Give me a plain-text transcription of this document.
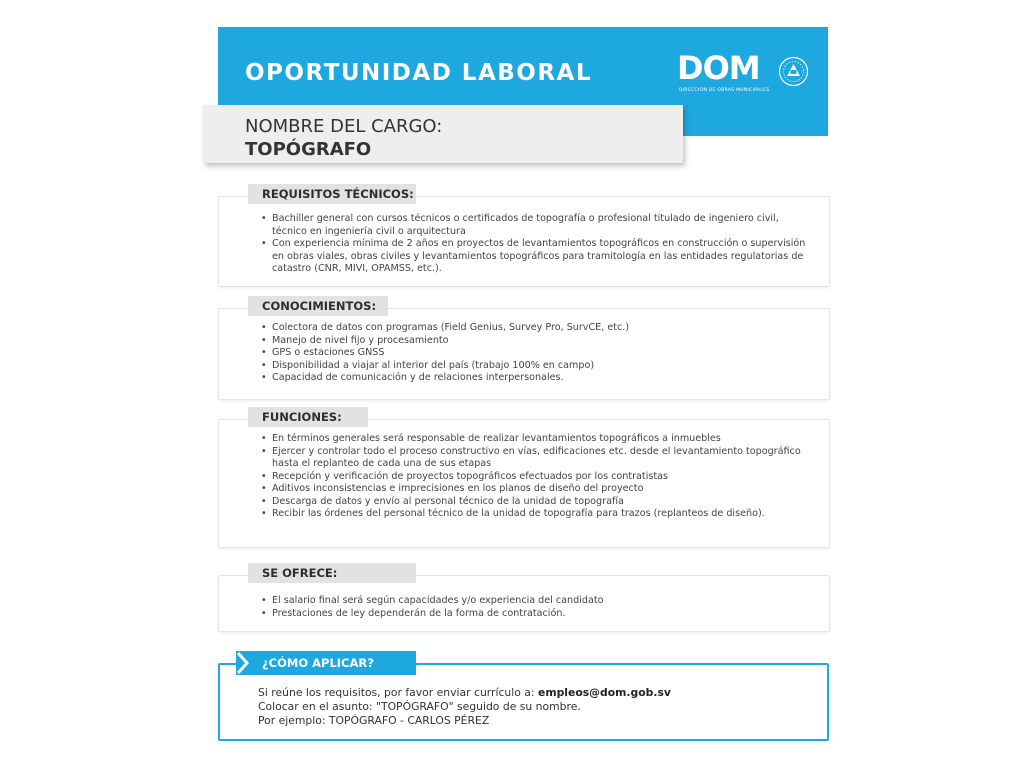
OPORTUNIDAD LABORAL	DOM
DIRECCIÓN DE OBRAS MUNICIPALES
NOMBRE DEL CARGO:
TOPÓGRAFO
REQUISITOS TÉCNICOS:
• Bachiller general con cursos técnicos o certificados de topografía o profesional titulado de ingeniero civil, técnico en ingeniería civil o arquitectura
• Con experiencia mínima de 2 años en proyectos de levantamientos topográficos en construcción o supervisión en obras viales, obras civiles y levantamientos topográficos para tramitología en las entidades regulatorias de catastro (CNR, MIVI, OPAMSS, etc.).
CONOCIMIENTOS:
• Colectora de datos con programas (Field Genius, Survey Pro, SurvCE, etc.)
• Manejo de nivel fijo y procesamiento
• GPS o estaciones GNSS
• Disponibilidad a viajar al interior del país (trabajo 100% en campo)
• Capacidad de comunicación y de relaciones interpersonales.
FUNCIONES:
• En términos generales será responsable de realizar levantamientos topográficos a inmuebles
• Ejercer y controlar todo el proceso constructivo en vías, edificaciones etc. desde el levantamiento topográfico hasta el replanteo de cada una de sus etapas
• Recepción y verificación de proyectos topográficos efectuados por los contratistas
• Aditivos inconsistencias e imprecisiones en los planos de diseño del proyecto
• Descarga de datos y envío al personal técnico de la unidad de topografía
• Recibir las órdenes del personal técnico de la unidad de topografía para trazos (replanteos de diseño).
SE OFRECE:
• El salario final será según capacidades y/o experiencia del candidato
• Prestaciones de ley dependerán de la forma de contratación.
¿CÓMO APLICAR?
Si reúne los requisitos, por favor enviar currículo a: empleos@dom.gob.sv
Colocar en el asunto: "TOPÓGRAFO" seguido de su nombre.
Por ejemplo: TOPÓGRAFO - CARLOS PÉREZ
